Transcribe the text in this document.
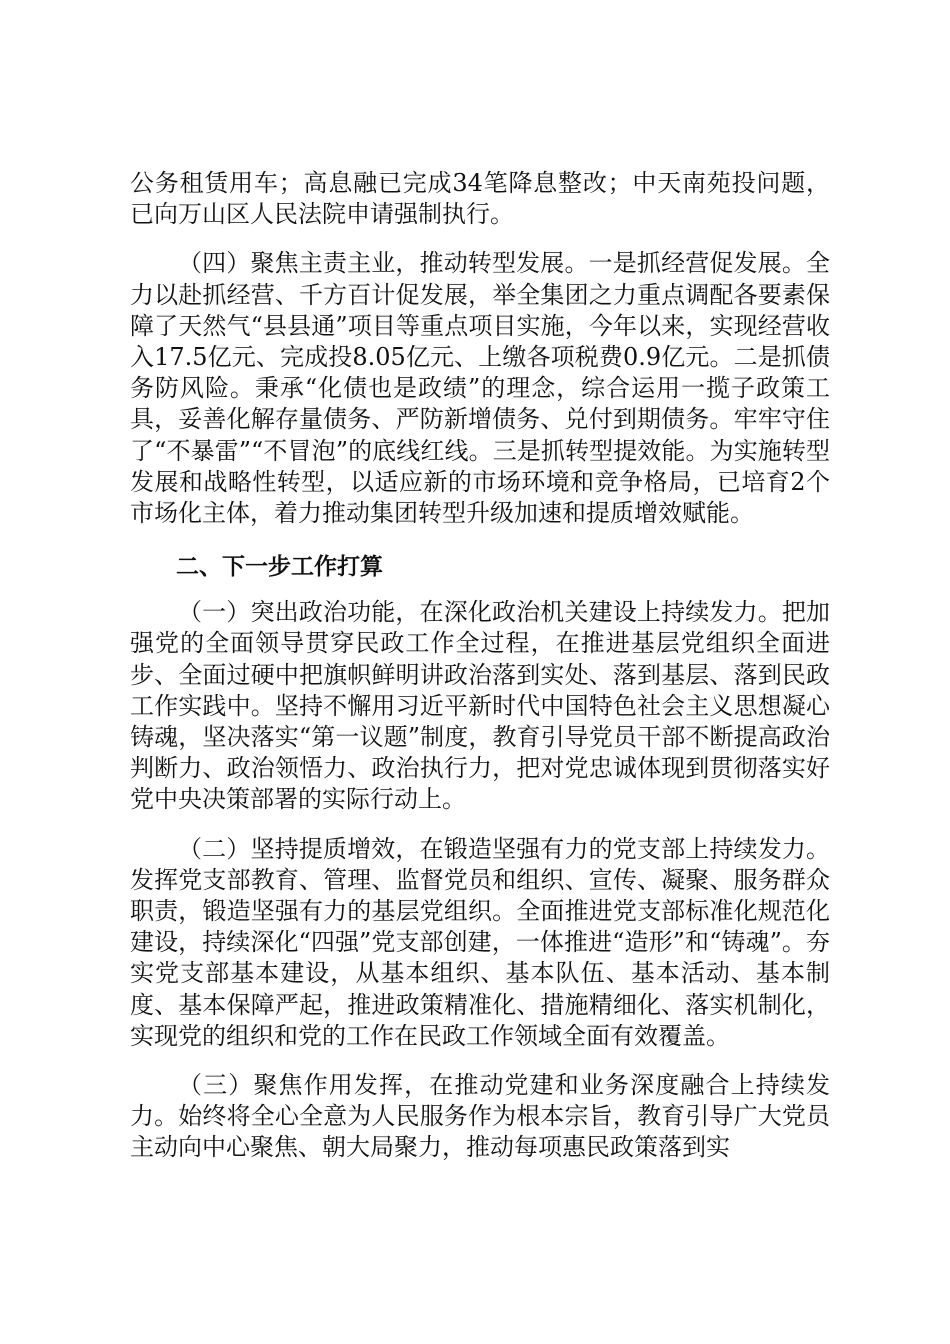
公务租赁用车；高息融已完成34笔降息整改；中天南苑投问题，已向万山区人民法院申请强制执行。

（四）聚焦主责主业，推动转型发展。一是抓经营促发展。全力以赴抓经营、千方百计促发展，举全集团之力重点调配各要素保障了天然气“县县通”项目等重点项目实施，今年以来，实现经营收入17.5亿元、完成投8.05亿元、上缴各项税费0.9亿元。二是抓债务防风险。秉承“化债也是政绩”的理念，综合运用一揽子政策工具，妥善化解存量债务、严防新增债务、兑付到期债务。牢牢守住了“不暴雷”“不冒泡”的底线红线。三是抓转型提效能。为实施转型发展和战略性转型，以适应新的市场环境和竞争格局，已培育2个市场化主体，着力推动集团转型升级加速和提质增效赋能。

二、下一步工作打算

（一）突出政治功能，在深化政治机关建设上持续发力。把加强党的全面领导贯穿民政工作全过程，在推进基层党组织全面进步、全面过硬中把旗帜鲜明讲政治落到实处、落到基层、落到民政工作实践中。坚持不懈用习近平新时代中国特色社会主义思想凝心铸魂，坚决落实“第一议题”制度，教育引导党员干部不断提高政治判断力、政治领悟力、政治执行力，把对党忠诚体现到贯彻落实好党中央决策部署的实际行动上。

（二）坚持提质增效，在锻造坚强有力的党支部上持续发力。发挥党支部教育、管理、监督党员和组织、宣传、凝聚、服务群众职责，锻造坚强有力的基层党组织。全面推进党支部标准化规范化建设，持续深化“四强”党支部创建，一体推进“造形”和“铸魂”。夯实党支部基本建设，从基本组织、基本队伍、基本活动、基本制度、基本保障严起，推进政策精准化、措施精细化、落实机制化，实现党的组织和党的工作在民政工作领域全面有效覆盖。

（三）聚焦作用发挥，在推动党建和业务深度融合上持续发力。始终将全心全意为人民服务作为根本宗旨，教育引导广大党员主动向中心聚焦、朝大局聚力，推动每项惠民政策落到实
